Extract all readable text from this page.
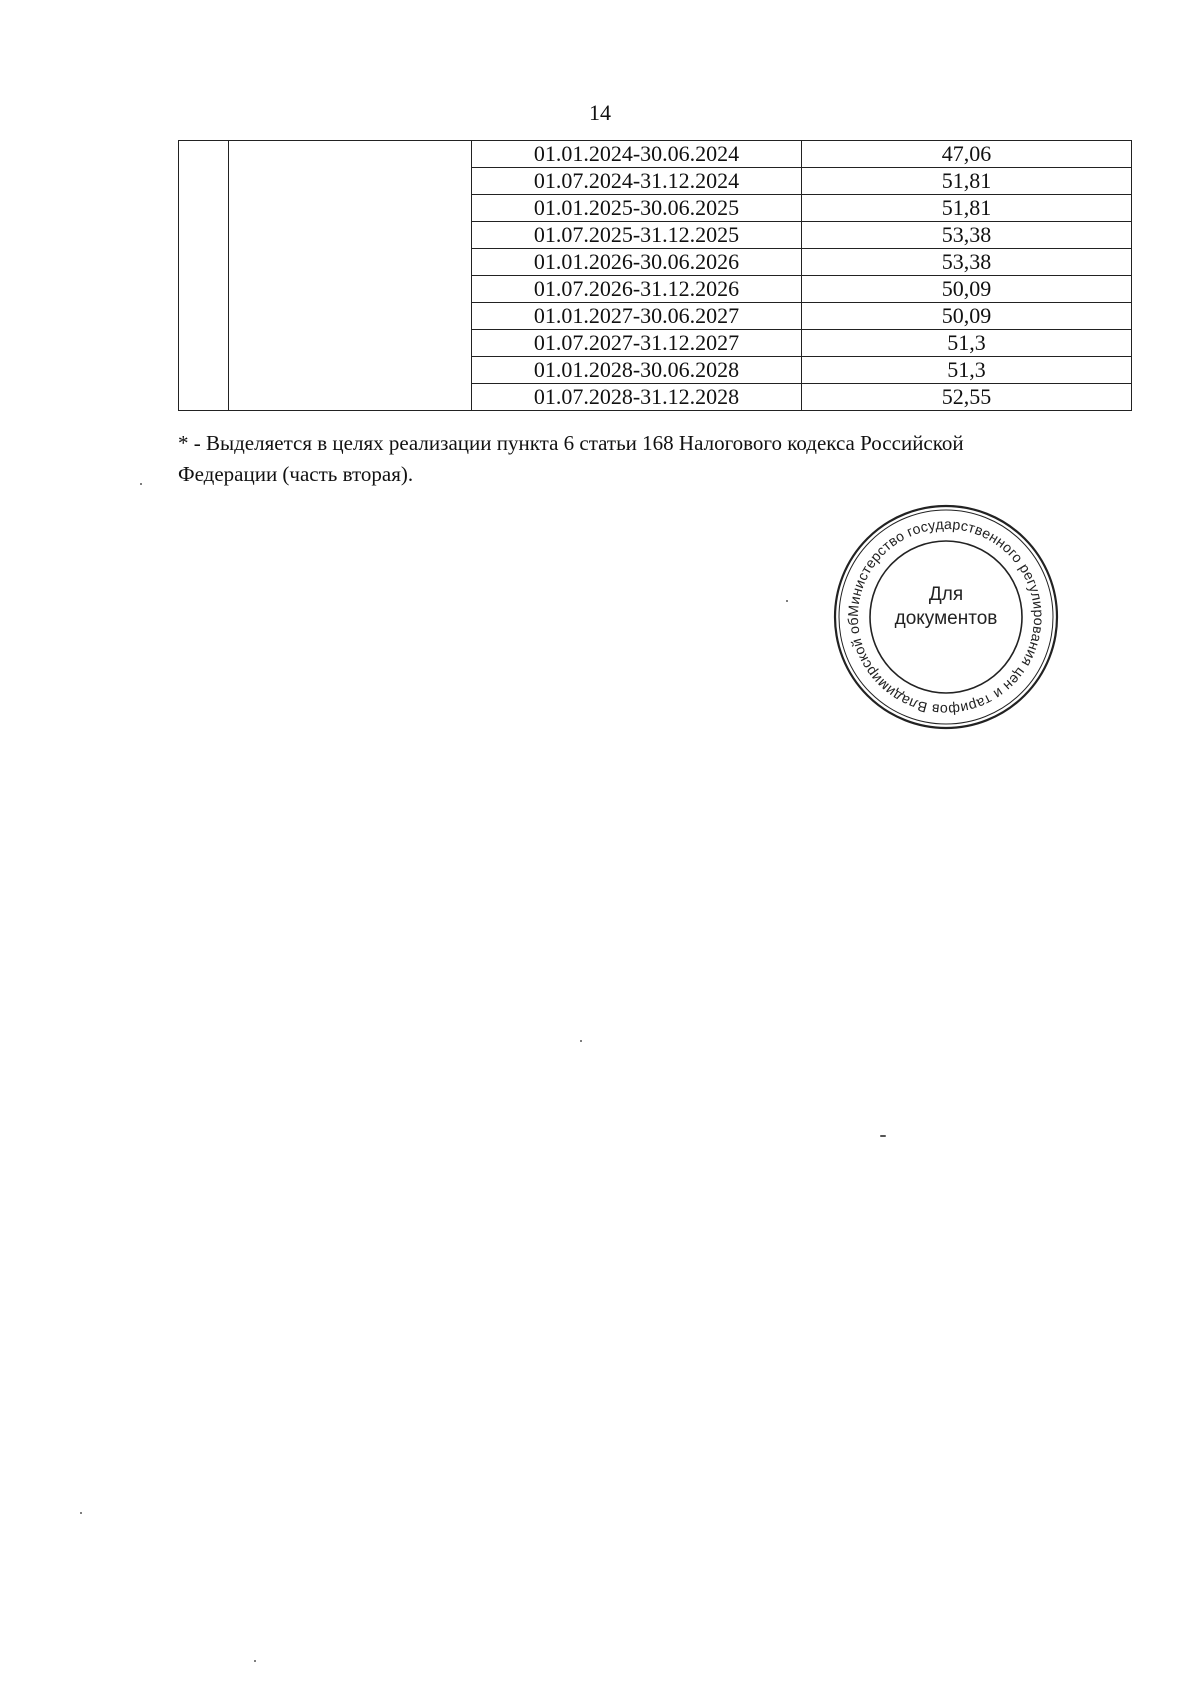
14
		01.01.2024-30.06.2024	47,06
		01.07.2024-31.12.2024	51,81
		01.01.2025-30.06.2025	51,81
		01.07.2025-31.12.2025	53,38
		01.01.2026-30.06.2026	53,38
		01.07.2026-31.12.2026	50,09
		01.01.2027-30.06.2027	50,09
		01.07.2027-31.12.2027	51,3
		01.01.2028-30.06.2028	51,3
		01.07.2028-31.12.2028	52,55
* - Выделяется в целях реализации пункта 6 статьи 168 Налогового кодекса Российской
Федерации (часть вторая).
Министерство государственного регулирования цен и тарифов Владимирской об
Для
документов
